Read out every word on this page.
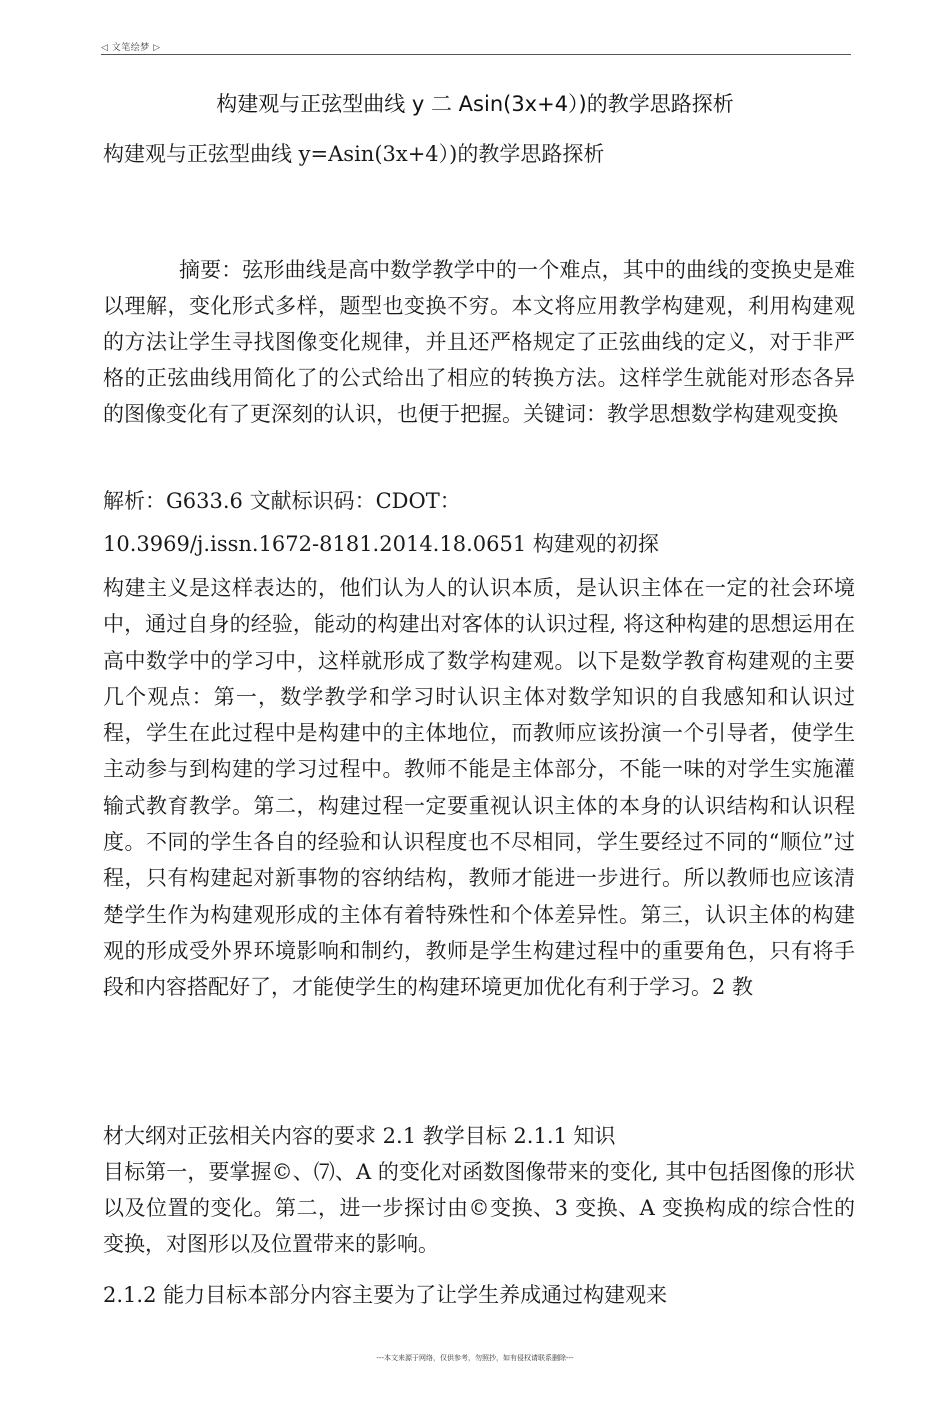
◁ 文笔绘梦 ▷
构建观与正弦型曲线 y 二 Asin(3x+4）)的教学思路探析
构建观与正弦型曲线 y=Asin(3x+4）)的教学思路探析
摘要：弦形曲线是高中数学教学中的一个难点，其中的曲线的变换史是难以理解，变化形式多样，题型也变换不穷。本文将应用教学构建观，利用构建观的方法让学生寻找图像变化规律，并且还严格规定了正弦曲线的定义，对于非严格的正弦曲线用简化了的公式给出了相应的转换方法。这样学生就能对形态各异的图像变化有了更深刻的认识，也便于把握。关键词：教学思想数学构建观变换
解析：G633.6 文献标识码：CDOT：
10.3969/j.issn.1672-8181.2014.18.0651 构建观的初探
构建主义是这样表达的，他们认为人的认识本质，是认识主体在一定的社会环境中，通过自身的经验，能动的构建出对客体的认识过程, 将这种构建的思想运用在高中数学中的学习中，这样就形成了数学构建观。以下是数学教育构建观的主要几个观点：第一，数学教学和学习时认识主体对数学知识的自我感知和认识过程，学生在此过程中是构建中的主体地位，而教师应该扮演一个引导者，使学生主动参与到构建的学习过程中。教师不能是主体部分，不能一味的对学生实施灌输式教育教学。第二，构建过程一定要重视认识主体的本身的认识结构和认识程度。不同的学生各自的经验和认识程度也不尽相同，学生要经过不同的“顺位”过程，只有构建起对新事物的容纳结构，教师才能进一步进行。所以教师也应该清楚学生作为构建观形成的主体有着特殊性和个体差异性。第三，认识主体的构建观的形成受外界环境影响和制约，教师是学生构建过程中的重要角色，只有将手段和内容搭配好了，才能使学生的构建环境更加优化有利于学习。2 教
材大纲对正弦相关内容的要求 2.1 教学目标 2.1.1 知识
目标第一，要掌握©、⑺、A 的变化对函数图像带来的变化, 其中包括图像的形状以及位置的变化。第二，进一步探讨由©变换、3 变换、A 变换构成的综合性的变换，对图形以及位置带来的影响。
2.1.2 能力目标本部分内容主要为了让学生养成通过构建观来
---本文来源于网络，仅供参考，勿照抄，如有侵权请联系删除---
